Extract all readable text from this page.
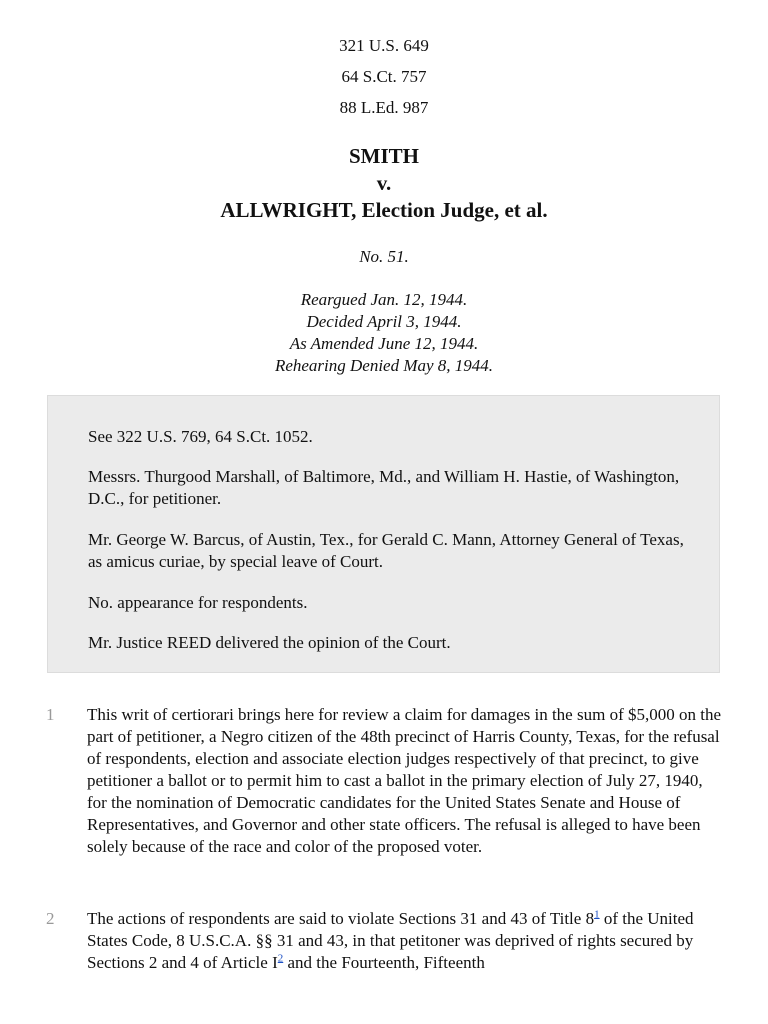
321 U.S. 649
64 S.Ct. 757
88 L.Ed. 987
SMITH
v.
ALLWRIGHT, Election Judge, et al.
No. 51.
Reargued Jan. 12, 1944.
Decided April 3, 1944.
As Amended June 12, 1944.
Rehearing Denied May 8, 1944.

See 322 U.S. 769, 64 S.Ct. 1052.

Messrs. Thurgood Marshall, of Baltimore, Md., and William H. Hastie, of Washington, D.C., for petitioner.

Mr. George W. Barcus, of Austin, Tex., for Gerald C. Mann, Attorney General of Texas, as amicus curiae, by special leave of Court.

No. appearance for respondents.

Mr. Justice REED delivered the opinion of the Court.

1 This writ of certiorari brings here for review a claim for damages in the sum of $5,000 on the part of petitioner, a Negro citizen of the 48th precinct of Harris County, Texas, for the refusal of respondents, election and associate election judges respectively of that precinct, to give petitioner a ballot or to permit him to cast a ballot in the primary election of July 27, 1940, for the nomination of Democratic candidates for the United States Senate and House of Representatives, and Governor and other state officers. The refusal is alleged to have been solely because of the race and color of the proposed voter.

2 The actions of respondents are said to violate Sections 31 and 43 of Title 8$^1$ of the United States Code, 8 U.S.C.A. §§ 31 and 43, in that petitoner was deprived of rights secured by Sections 2 and 4 of Article I$^2$ and the Fourteenth, Fifteenth
